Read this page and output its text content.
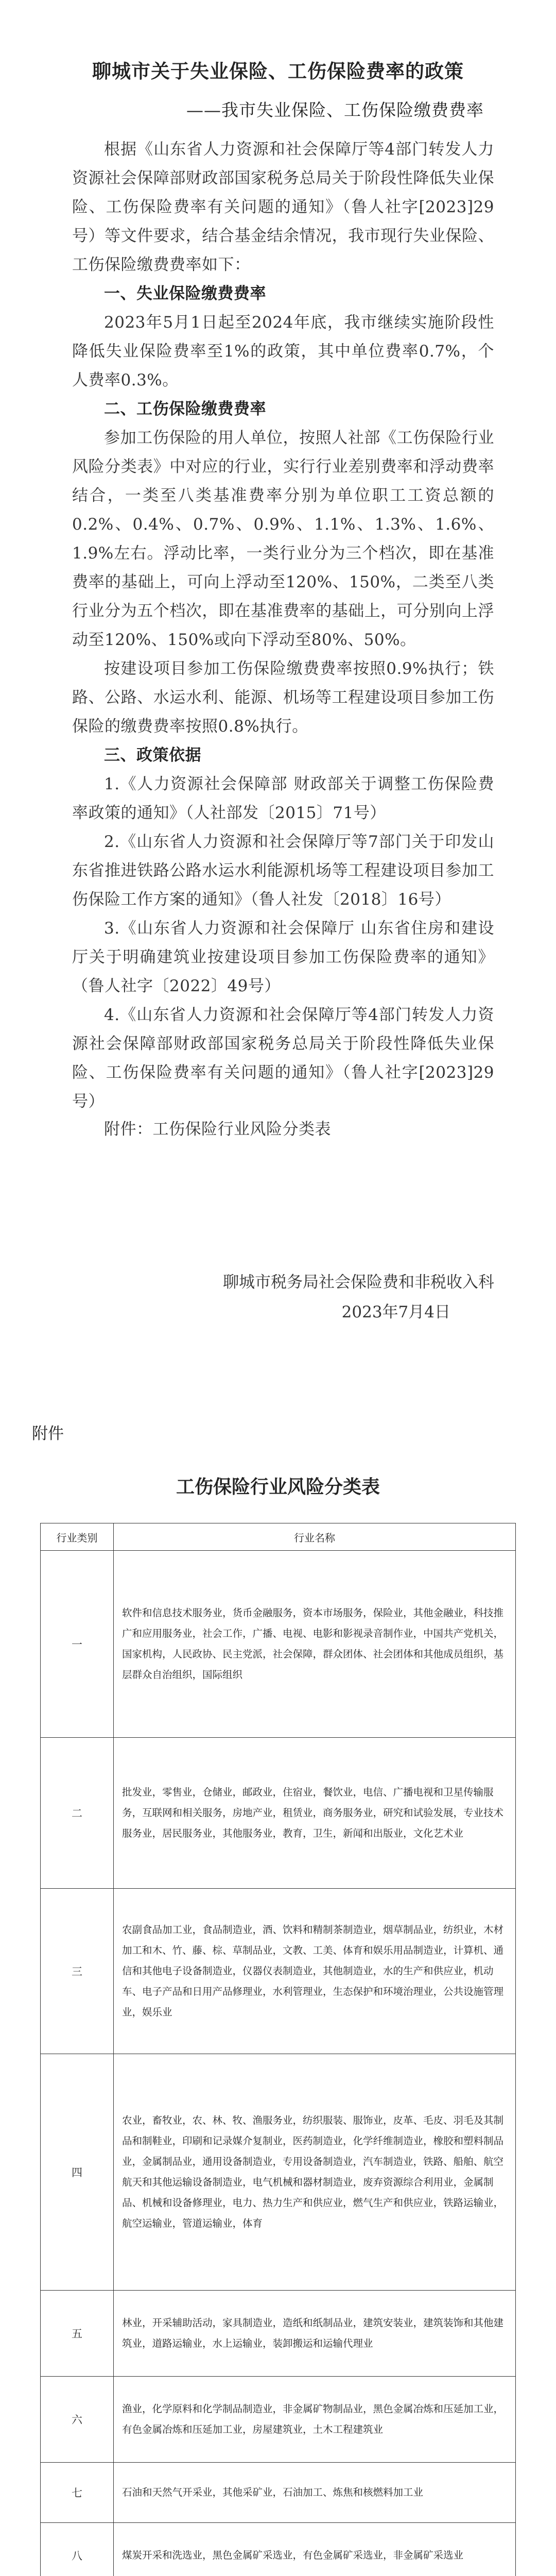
聊城市关于失业保险、工伤保险费率的政策
——我市失业保险、工伤保险缴费费率

根据《山东省人力资源和社会保障厅等4部门转发人力资源社会保障部财政部国家税务总局关于阶段性降低失业保险、工伤保险费率有关问题的通知》（鲁人社字[2023]29号）等文件要求，结合基金结余情况，我市现行失业保险、工伤保险缴费费率如下：

一、失业保险缴费费率

2023年5月1日起至2024年底，我市继续实施阶段性降低失业保险费率至1%的政策，其中单位费率0.7%，个人费率0.3%。

二、工伤保险缴费费率

参加工伤保险的用人单位，按照人社部《工伤保险行业风险分类表》中对应的行业，实行行业差别费率和浮动费率结合，一类至八类基准费率分别为单位职工工资总额的0.2%、0.4%、0.7%、0.9%、1.1%、1.3%、1.6%、1.9%左右。浮动比率，一类行业分为三个档次，即在基准费率的基础上，可向上浮动至120%、150%，二类至八类行业分为五个档次，即在基准费率的基础上，可分别向上浮动至120%、150%或向下浮动至80%、50%。

按建设项目参加工伤保险缴费费率按照0.9%执行；铁路、公路、水运水利、能源、机场等工程建设项目参加工伤保险的缴费费率按照0.8%执行。

三、政策依据

1.《人力资源社会保障部 财政部关于调整工伤保险费率政策的通知》（人社部发〔2015〕71号）

2.《山东省人力资源和社会保障厅等7部门关于印发山东省推进铁路公路水运水利能源机场等工程建设项目参加工伤保险工作方案的通知》（鲁人社发〔2018〕16号）

3.《山东省人力资源和社会保障厅 山东省住房和建设厅关于明确建筑业按建设项目参加工伤保险费率的通知》（鲁人社字〔2022〕49号）

4.《山东省人力资源和社会保障厅等4部门转发人力资源社会保障部财政部国家税务总局关于阶段性降低失业保险、工伤保险费率有关问题的通知》（鲁人社字[2023]29号）

附件：工伤保险行业风险分类表

聊城市税务局社会保险费和非税收入科
2023年7月4日
附件
工伤保险行业风险分类表
行业类别	行业名称
一	软件和信息技术服务业，货币金融服务，资本市场服务，保险业，其他金融业，科技推广和应用服务业，社会工作，广播、电视、电影和影视录音制作业，中国共产党机关，国家机构，人民政协、民主党派，社会保障，群众团体、社会团体和其他成员组织，基层群众自治组织，国际组织
二	批发业，零售业，仓储业，邮政业，住宿业，餐饮业，电信、广播电视和卫星传输服务，互联网和相关服务，房地产业，租赁业，商务服务业，研究和试验发展，专业技术服务业，居民服务业，其他服务业，教育，卫生，新闻和出版业，文化艺术业
三	农副食品加工业，食品制造业，酒、饮料和精制茶制造业，烟草制品业，纺织业，木材加工和木、竹、藤、棕、草制品业，文教、工美、体育和娱乐用品制造业，计算机、通信和其他电子设备制造业，仪器仪表制造业，其他制造业，水的生产和供应业，机动车、电子产品和日用产品修理业，水利管理业，生态保护和环境治理业，公共设施管理业，娱乐业
四	农业，畜牧业，农、林、牧、渔服务业，纺织服装、服饰业，皮革、毛皮、羽毛及其制品和制鞋业，印刷和记录媒介复制业，医药制造业，化学纤维制造业，橡胶和塑料制品业，金属制品业，通用设备制造业，专用设备制造业，汽车制造业，铁路、船舶、航空航天和其他运输设备制造业，电气机械和器材制造业，废弃资源综合利用业，金属制品、机械和设备修理业，电力、热力生产和供应业，燃气生产和供应业，铁路运输业，航空运输业，管道运输业，体育
五	林业，开采辅助活动，家具制造业，造纸和纸制品业，建筑安装业，建筑装饰和其他建筑业，道路运输业，水上运输业，装卸搬运和运输代理业
六	渔业，化学原料和化学制品制造业，非金属矿物制品业，黑色金属冶炼和压延加工业，有色金属冶炼和压延加工业，房屋建筑业，土木工程建筑业
七	石油和天然气开采业，其他采矿业，石油加工、炼焦和核燃料加工业
八	煤炭开采和洗选业，黑色金属矿采选业，有色金属矿采选业，非金属矿采选业
